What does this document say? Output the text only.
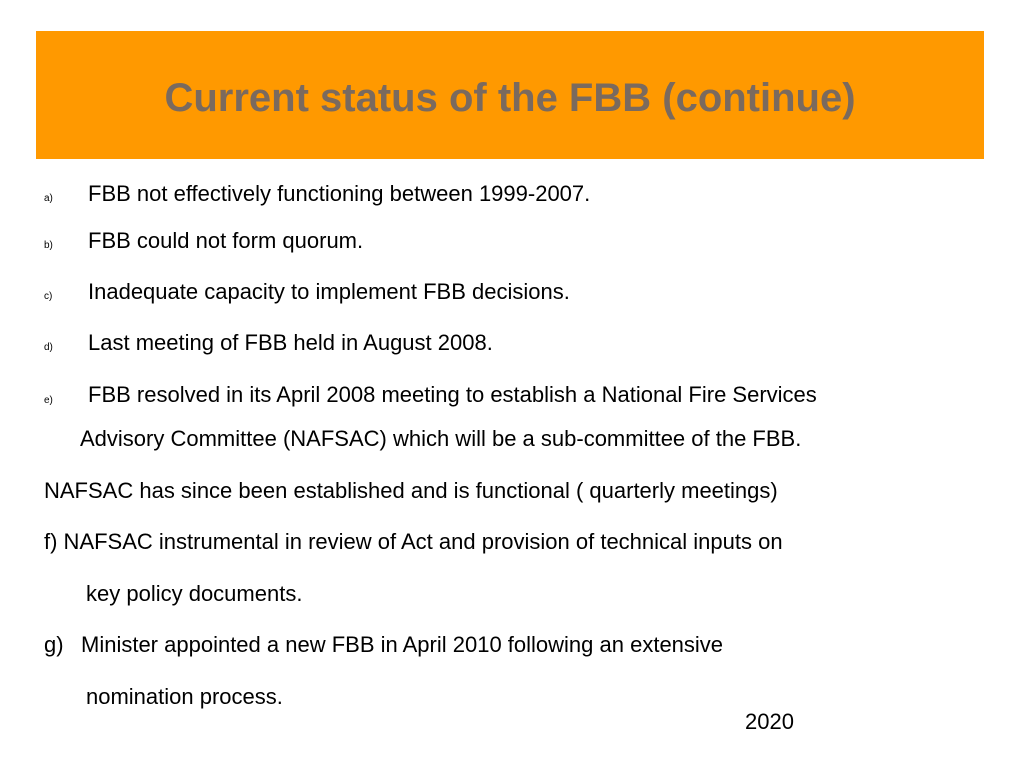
Current status of the FBB (continue)
a) FBB not effectively functioning between 1999-2007.
b) FBB could not form quorum.
c) Inadequate capacity to implement FBB decisions.
d) Last meeting of FBB held in August 2008.
e) FBB resolved in its April 2008 meeting to establish a National Fire Services
Advisory Committee (NAFSAC) which will be a sub-committee of the FBB.
NAFSAC has since been established and is functional ( quarterly meetings)
f) NAFSAC instrumental in review of Act and provision of technical inputs on
key policy documents.
g) Minister appointed a new FBB in April 2010 following an extensive
nomination process.
2020
